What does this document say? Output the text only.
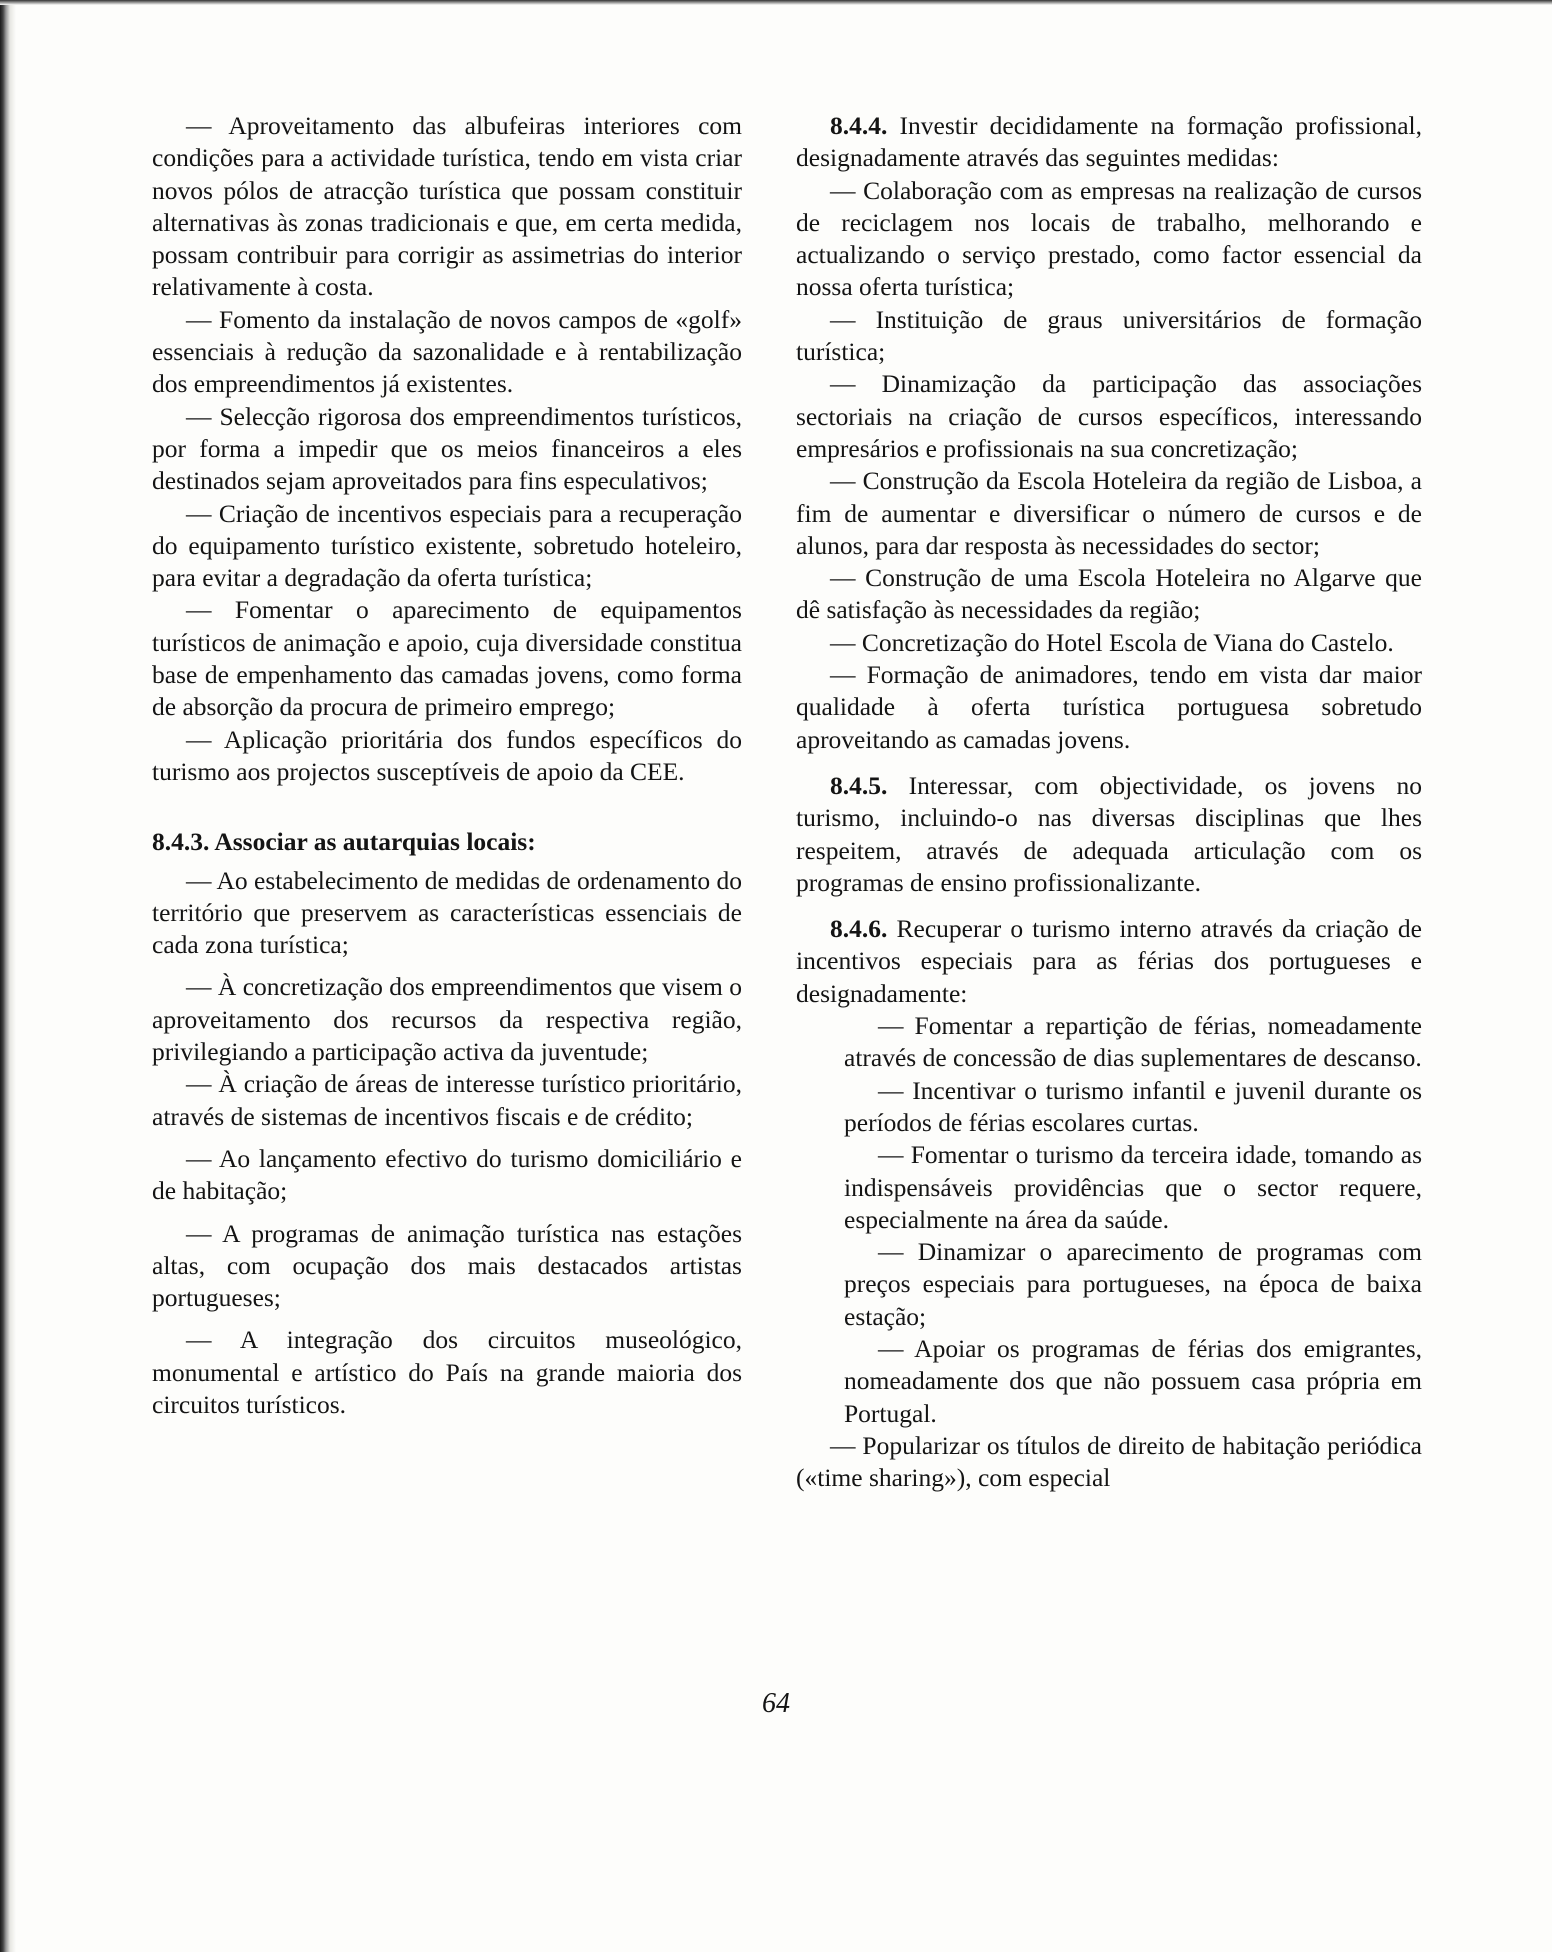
— Aproveitamento das albufeiras interiores com condições para a actividade turística, tendo em vista criar novos pólos de atracção turística que possam constituir alternativas às zonas tradicionais e que, em certa medida, possam contribuir para corrigir as assimetrias do interior relativamente à costa.

— Fomento da instalação de novos campos de «golf» essenciais à redução da sazonalidade e à rentabilização dos empreendimentos já existentes.

— Selecção rigorosa dos empreendimentos turísticos, por forma a impedir que os meios financeiros a eles destinados sejam aproveitados para fins especulativos;

— Criação de incentivos especiais para a recuperação do equipamento turístico existente, sobretudo hoteleiro, para evitar a degradação da oferta turística;

— Fomentar o aparecimento de equipamentos turísticos de animação e apoio, cuja diversidade constitua base de empenhamento das camadas jovens, como forma de absorção da procura de primeiro emprego;

— Aplicação prioritária dos fundos específicos do turismo aos projectos susceptíveis de apoio da CEE.

8.4.3. Associar as autarquias locais:

— Ao estabelecimento de medidas de ordenamento do território que preservem as características essenciais de cada zona turística;

— À concretização dos empreendimentos que visem o aproveitamento dos recursos da respectiva região, privilegiando a participação activa da juventude;

— À criação de áreas de interesse turístico prioritário, através de sistemas de incentivos fiscais e de crédito;

— Ao lançamento efectivo do turismo domiciliário e de habitação;

— A programas de animação turística nas estações altas, com ocupação dos mais destacados artistas portugueses;

— A integração dos circuitos museológico, monumental e artístico do País na grande maioria dos circuitos turísticos.

8.4.4. Investir decididamente na formação profissional, designadamente através das seguintes medidas:

— Colaboração com as empresas na realização de cursos de reciclagem nos locais de trabalho, melhorando e actualizando o serviço prestado, como factor essencial da nossa oferta turística;

— Instituição de graus universitários de formação turística;

— Dinamização da participação das associações sectoriais na criação de cursos específicos, interessando empresários e profissionais na sua concretização;

— Construção da Escola Hoteleira da região de Lisboa, a fim de aumentar e diversificar o número de cursos e de alunos, para dar resposta às necessidades do sector;

— Construção de uma Escola Hoteleira no Algarve que dê satisfação às necessidades da região;

— Concretização do Hotel Escola de Viana do Castelo.

— Formação de animadores, tendo em vista dar maior qualidade à oferta turística portuguesa sobretudo aproveitando as camadas jovens.

8.4.5. Interessar, com objectividade, os jovens no turismo, incluindo-o nas diversas disciplinas que lhes respeitem, através de adequada articulação com os programas de ensino profissionalizante.

8.4.6. Recuperar o turismo interno através da criação de incentivos especiais para as férias dos portugueses e designadamente:

— Fomentar a repartição de férias, nomeadamente através de concessão de dias suplementares de descanso.

— Incentivar o turismo infantil e juvenil durante os períodos de férias escolares curtas.

— Fomentar o turismo da terceira idade, tomando as indispensáveis providências que o sector requere, especialmente na área da saúde.

— Dinamizar o aparecimento de programas com preços especiais para portugueses, na época de baixa estação;

— Apoiar os programas de férias dos emigrantes, nomeadamente dos que não possuem casa própria em Portugal.

— Popularizar os títulos de direito de habitação periódica («time sharing»), com especial

64
